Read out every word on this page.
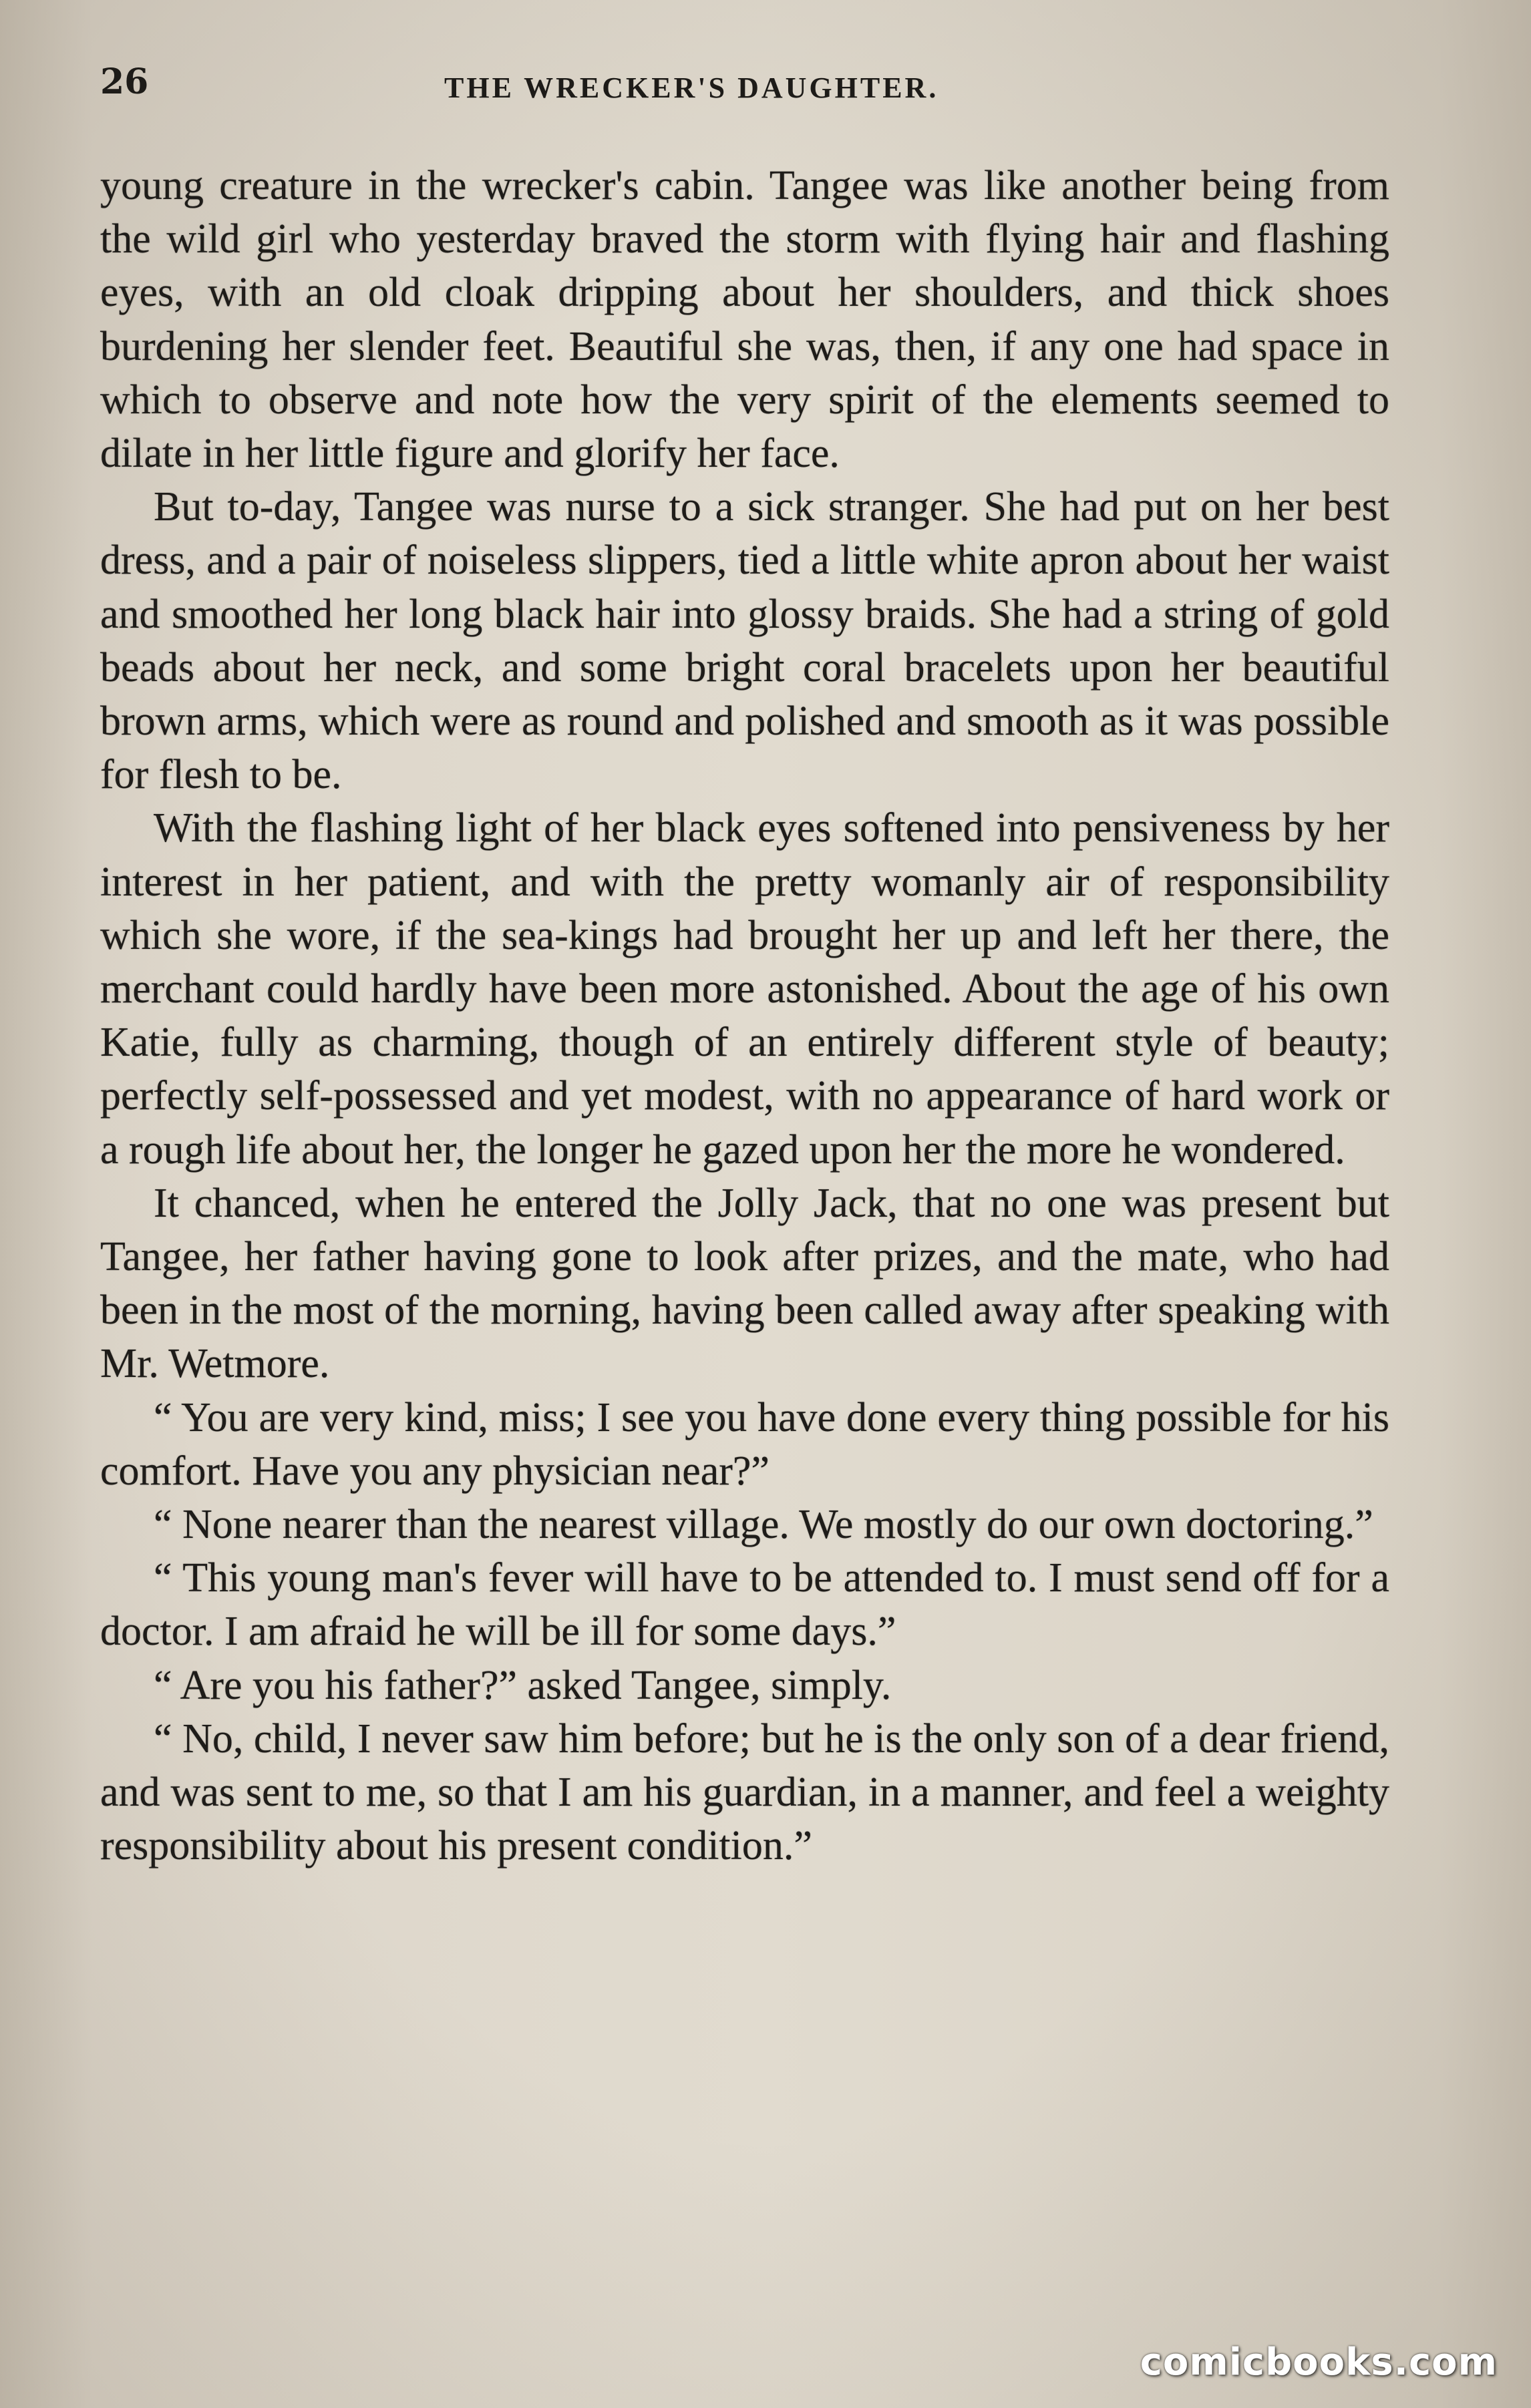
26	THE WRECKER'S DAUGHTER.

young creature in the wrecker's cabin. Tangee was like another being from the wild girl who yesterday braved the storm with flying hair and flashing eyes, with an old cloak dripping about her shoulders, and thick shoes burdening her slender feet. Beautiful she was, then, if any one had space in which to observe and note how the very spirit of the elements seemed to dilate in her little figure and glorify her face.

But to-day, Tangee was nurse to a sick stranger. She had put on her best dress, and a pair of noiseless slippers, tied a little white apron about her waist and smoothed her long black hair into glossy braids. She had a string of gold beads about her neck, and some bright coral bracelets upon her beautiful brown arms, which were as round and polished and smooth as it was possible for flesh to be.

With the flashing light of her black eyes softened into pensiveness by her interest in her patient, and with the pretty womanly air of responsibility which she wore, if the sea-kings had brought her up and left her there, the merchant could hardly have been more astonished. About the age of his own Katie, fully as charming, though of an entirely different style of beauty; perfectly self-possessed and yet modest, with no appearance of hard work or a rough life about her, the longer he gazed upon her the more he wondered.

It chanced, when he entered the Jolly Jack, that no one was present but Tangee, her father having gone to look after prizes, and the mate, who had been in the most of the morning, having been called away after speaking with Mr. Wetmore.

“ You are very kind, miss; I see you have done every thing possible for his comfort. Have you any physician near?”

“ None nearer than the nearest village. We mostly do our own doctoring.”

“ This young man's fever will have to be attended to. I must send off for a doctor. I am afraid he will be ill for some days.”

“ Are you his father?” asked Tangee, simply.

“ No, child, I never saw him before; but he is the only son of a dear friend, and was sent to me, so that I am his guardian, in a manner, and feel a weighty responsibility about his present condition.”

comicbooks.com
